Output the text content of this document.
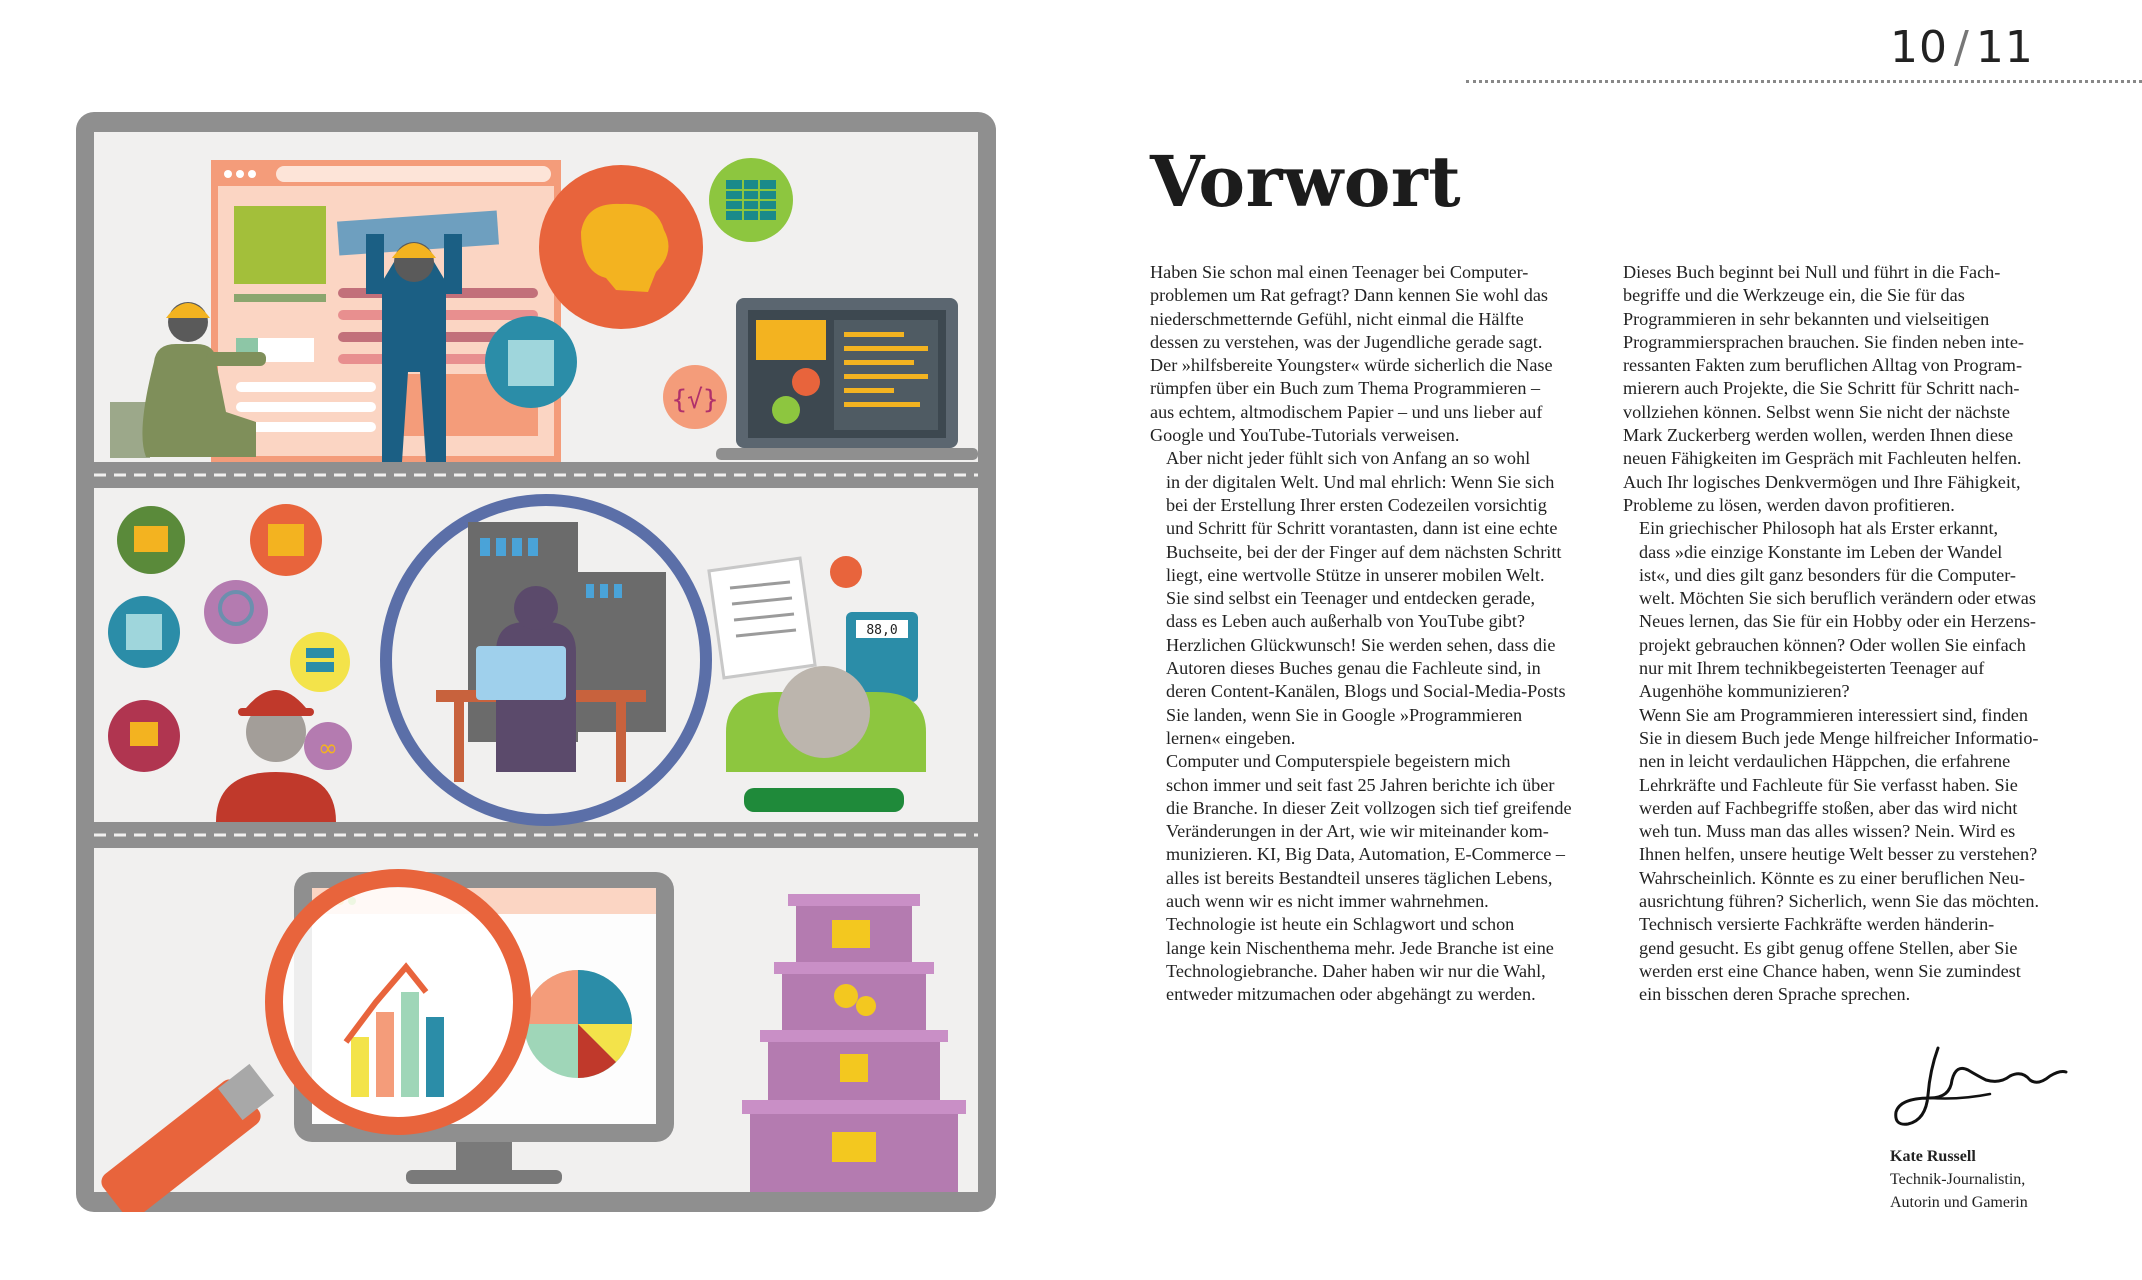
10 / 11
{√}
∞
88,0
Vorwort

Haben Sie schon mal einen Teenager bei Computer-
problemen um Rat gefragt? Dann kennen Sie wohl das
niederschmetternde Gefühl, nicht einmal die Hälfte
dessen zu verstehen, was der Jugendliche gerade sagt.
Der »hilfsbereite Youngster« würde sicherlich die Nase
rümpfen über ein Buch zum Thema Programmieren –
aus echtem, altmodischem Papier – und uns lieber auf
Google und YouTube-Tutorials verweisen.

Aber nicht jeder fühlt sich von Anfang an so wohl
in der digitalen Welt. Und mal ehrlich: Wenn Sie sich
bei der Erstellung Ihrer ersten Codezeilen vorsichtig
und Schritt für Schritt vorantasten, dann ist eine echte
Buchseite, bei der der Finger auf dem nächsten Schritt
liegt, eine wertvolle Stütze in unserer mobilen Welt.

Sie sind selbst ein Teenager und entdecken gerade,
dass es Leben auch außerhalb von YouTube gibt?
Herzlichen Glückwunsch! Sie werden sehen, dass die
Autoren dieses Buches genau die Fachleute sind, in
deren Content-Kanälen, Blogs und Social-Media-Posts
Sie landen, wenn Sie in Google »Programmieren
lernen« eingeben.

Computer und Computerspiele begeistern mich
schon immer und seit fast 25 Jahren berichte ich über
die Branche. In dieser Zeit vollzogen sich tief greifende
Veränderungen in der Art, wie wir miteinander kom-
munizieren. KI, Big Data, Automation, E-Commerce –
alles ist bereits Bestandteil unseres täglichen Lebens,
auch wenn wir es nicht immer wahrnehmen.

Technologie ist heute ein Schlagwort und schon
lange kein Nischenthema mehr. Jede Branche ist eine
Technologiebranche. Daher haben wir nur die Wahl,
entweder mitzumachen oder abgehängt zu werden.

Dieses Buch beginnt bei Null und führt in die Fach-
begriffe und die Werkzeuge ein, die Sie für das
Programmieren in sehr bekannten und vielseitigen
Programmiersprachen brauchen. Sie finden neben inte-
ressanten Fakten zum beruflichen Alltag von Program-
mierern auch Projekte, die Sie Schritt für Schritt nach-
vollziehen können. Selbst wenn Sie nicht der nächste
Mark Zuckerberg werden wollen, werden Ihnen diese
neuen Fähigkeiten im Gespräch mit Fachleuten helfen.
Auch Ihr logisches Denkvermögen und Ihre Fähigkeit,
Probleme zu lösen, werden davon profitieren.

Ein griechischer Philosoph hat als Erster erkannt,
dass »die einzige Konstante im Leben der Wandel
ist«, und dies gilt ganz besonders für die Computer-
welt. Möchten Sie sich beruflich verändern oder etwas
Neues lernen, das Sie für ein Hobby oder ein Herzens-
projekt gebrauchen können? Oder wollen Sie einfach
nur mit Ihrem technikbegeisterten Teenager auf
Augenhöhe kommunizieren?

Wenn Sie am Programmieren interessiert sind, finden
Sie in diesem Buch jede Menge hilfreicher Informatio-
nen in leicht verdaulichen Häppchen, die erfahrene
Lehrkräfte und Fachleute für Sie verfasst haben. Sie
werden auf Fachbegriffe stoßen, aber das wird nicht
weh tun. Muss man das alles wissen? Nein. Wird es
Ihnen helfen, unsere heutige Welt besser zu verstehen?
Wahrscheinlich. Könnte es zu einer beruflichen Neu-
ausrichtung führen? Sicherlich, wenn Sie das möchten.

Technisch versierte Fachkräfte werden händerin-
gend gesucht. Es gibt genug offene Stellen, aber Sie
werden erst eine Chance haben, wenn Sie zumindest
ein bisschen deren Sprache sprechen.

Kate Russell
Technik-Journalistin,
Autorin und Gamerin
